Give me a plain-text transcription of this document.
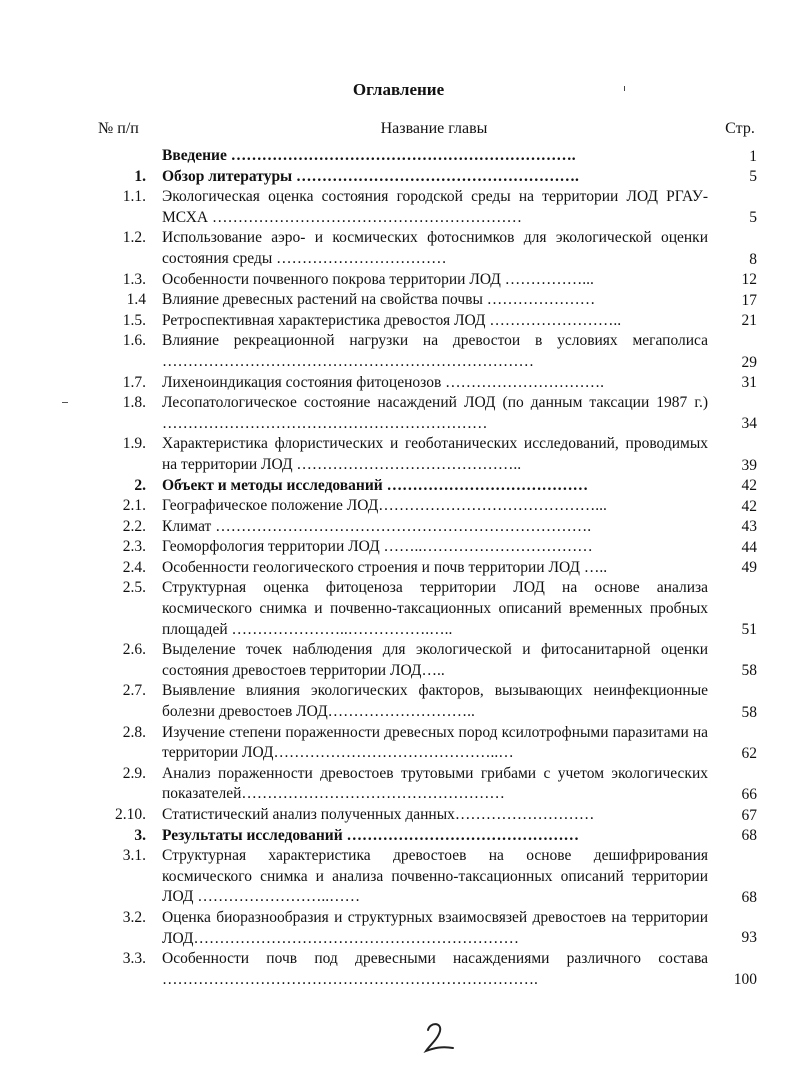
Оглавление
№ п/п	Название главы	Стр.
Введение ………………………………………………………….	1
1. Обзор литературы ……………………………………………….	5
1.1. Экологическая оценка состояния городской среды на территории ЛОД РГАУ-МСХА ……………………………………………………	5
1.2. Использование аэро- и космических фотоснимков для экологической оценки состояния среды ……………………………	8
1.3. Особенности почвенного покрова территории ЛОД ……………...	12
1.4 Влияние древесных растений на свойства почвы …………………	17
1.5. Ретроспективная характеристика древостоя ЛОД ……………………..	21
1.6. Влияние рекреационной нагрузки на древостои в условиях мегаполиса ………………………………………………………………	29
1.7. Лихеноиндикация состояния фитоценозов ………………………….	31
1.8. Лесопатологическое состояние насаждений ЛОД (по данным таксации 1987 г.) ………………………………………………………	34
1.9. Характеристика флористических и геоботанических исследований, проводимых на территории ЛОД ……………………………………..	39
2. Объект и методы исследований …………………………………	42
2.1. Географическое положение ЛОД……………………………………...	42
2.2. Климат ……………………………………………………………….	43
2.3. Геоморфология территории ЛОД ……..……………………………	44
2.4. Особенности геологического строения и почв территории ЛОД …..	49
2.5. Структурная оценка фитоценоза территории ЛОД на основе анализа космического снимка и почвенно-таксационных описаний временных пробных площадей …………………..…………….…..	51
2.6. Выделение точек наблюдения для экологической и фитосанитарной оценки состояния древостоев территории ЛОД…..	58
2.7. Выявление влияния экологических факторов, вызывающих неинфекционные болезни древостоев ЛОД………………………..	58
2.8. Изучение степени пораженности древесных пород ксилотрофными паразитами на территории ЛОД……………………………………..…	62
2.9. Анализ пораженности древостоев трутовыми грибами с учетом экологических показателей……………………………………………	66
2.10. Статистический анализ полученных данных………………………	67
3. Результаты исследований ………………………………………	68
3.1. Структурная характеристика древостоев на основе дешифрирования космического снимка и анализа почвенно-таксационных описаний территории ЛОД ……………………..……	68
3.2. Оценка биоразнообразия и структурных взаимосвязей древостоев на территории ЛОД………………………………………………………	93
3.3. Особенности почв под древесными насаждениями различного состава ……………………………………………………………….	100
